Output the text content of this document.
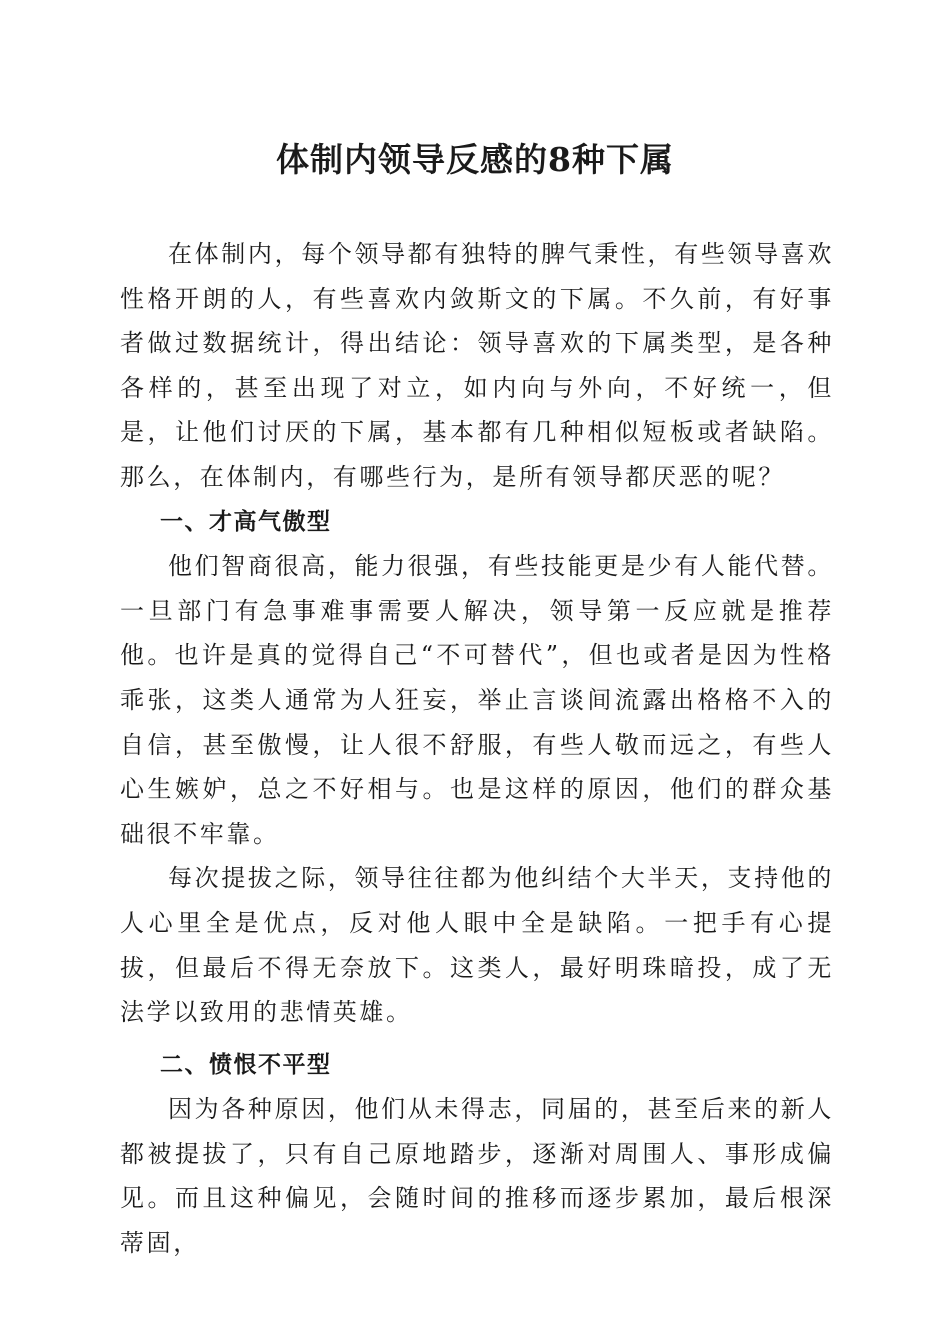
体制内领导反感的8种下属

在体制内，每个领导都有独特的脾气秉性，有些领导喜欢性格开朗的人，有些喜欢内敛斯文的下属。不久前，有好事者做过数据统计，得出结论：领导喜欢的下属类型，是各种各样的，甚至出现了对立，如内向与外向，不好统一，但是，让他们讨厌的下属，基本都有几种相似短板或者缺陷。那么，在体制内，有哪些行为，是所有领导都厌恶的呢？

一、才高气傲型

他们智商很高，能力很强，有些技能更是少有人能代替。一旦部门有急事难事需要人解决，领导第一反应就是推荐他。也许是真的觉得自己“不可替代”，但也或者是因为性格乖张，这类人通常为人狂妄，举止言谈间流露出格格不入的自信，甚至傲慢，让人很不舒服，有些人敬而远之，有些人心生嫉妒，总之不好相与。也是这样的原因，他们的群众基础很不牢靠。

每次提拔之际，领导往往都为他纠结个大半天，支持他的人心里全是优点，反对他人眼中全是缺陷。一把手有心提拔，但最后不得无奈放下。这类人，最好明珠暗投，成了无法学以致用的悲情英雄。

二、愤恨不平型

因为各种原因，他们从未得志，同届的，甚至后来的新人都被提拔了，只有自己原地踏步，逐渐对周围人、事形成偏见。而且这种偏见，会随时间的推移而逐步累加，最后根深蒂固，
